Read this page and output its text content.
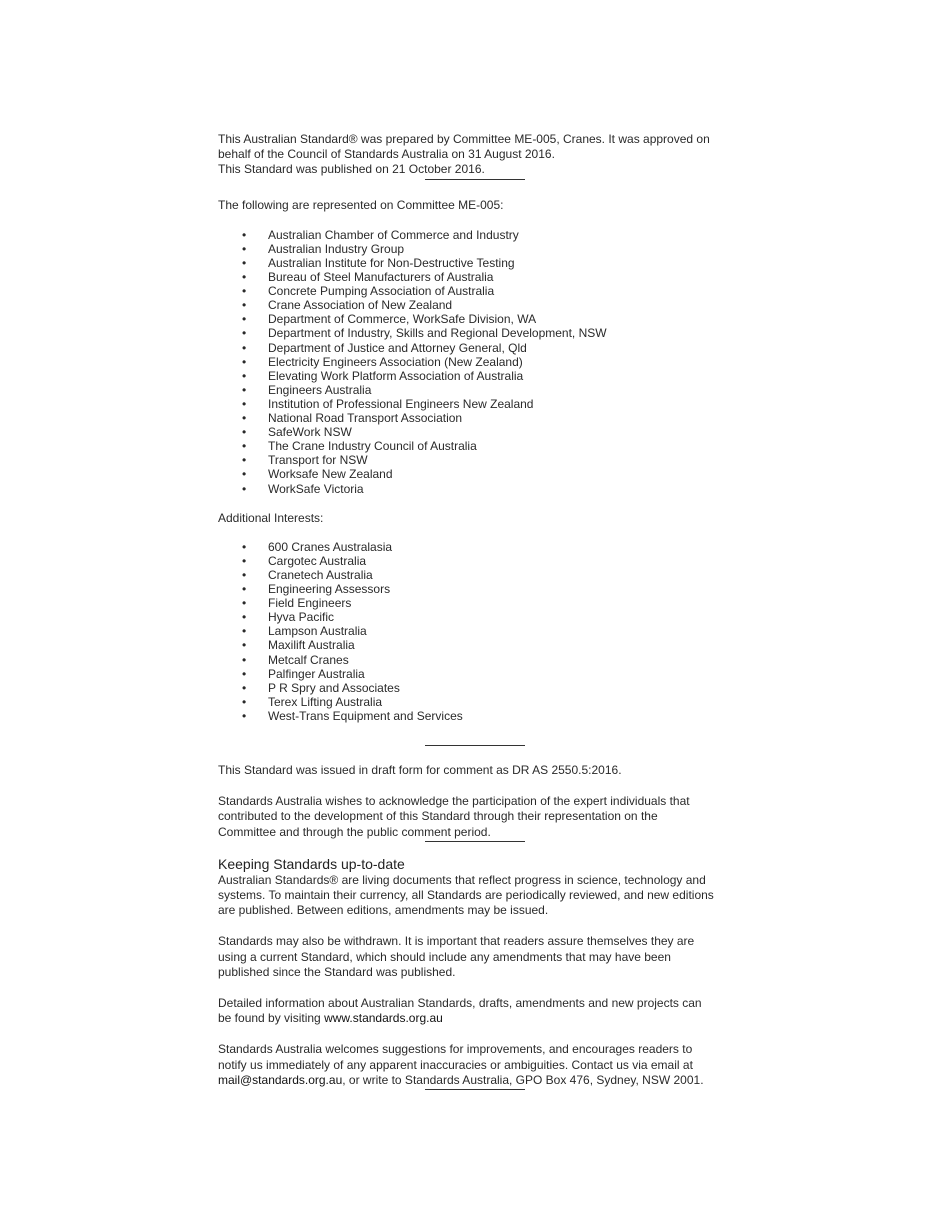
This Australian Standard® was prepared by Committee ME-005, Cranes. It was approved on

behalf of the Council of Standards Australia on 31 August 2016.

This Standard was published on 21 October 2016.

The following are represented on Committee ME-005:

• Australian Chamber of Commerce and Industry
• Australian Industry Group
• Australian Institute for Non-Destructive Testing
• Bureau of Steel Manufacturers of Australia
• Concrete Pumping Association of Australia
• Crane Association of New Zealand
• Department of Commerce, WorkSafe Division, WA
• Department of Industry, Skills and Regional Development, NSW
• Department of Justice and Attorney General, Qld
• Electricity Engineers Association (New Zealand)
• Elevating Work Platform Association of Australia
• Engineers Australia
• Institution of Professional Engineers New Zealand
• National Road Transport Association
• SafeWork NSW
• The Crane Industry Council of Australia
• Transport for NSW
• Worksafe New Zealand
• WorkSafe Victoria

Additional Interests:

• 600 Cranes Australasia
• Cargotec Australia
• Cranetech Australia
• Engineering Assessors
• Field Engineers
• Hyva Pacific
• Lampson Australia
• Maxilift Australia
• Metcalf Cranes
• Palfinger Australia
• P R Spry and Associates
• Terex Lifting Australia
• West-Trans Equipment and Services

This Standard was issued in draft form for comment as DR AS 2550.5:2016.

Standards Australia wishes to acknowledge the participation of the expert individuals that

contributed to the development of this Standard through their representation on the

Committee and through the public comment period.

Keeping Standards up-to-date

Australian Standards® are living documents that reflect progress in science, technology and

systems. To maintain their currency, all Standards are periodically reviewed, and new editions

are published. Between editions, amendments may be issued.

Standards may also be withdrawn. It is important that readers assure themselves they are

using a current Standard, which should include any amendments that may have been

published since the Standard was published.

Detailed information about Australian Standards, drafts, amendments and new projects can

be found by visiting www.standards.org.au

Standards Australia welcomes suggestions for improvements, and encourages readers to

notify us immediately of any apparent inaccuracies or ambiguities. Contact us via email at

mail@standards.org.au, or write to Standards Australia, GPO Box 476, Sydney, NSW 2001.
